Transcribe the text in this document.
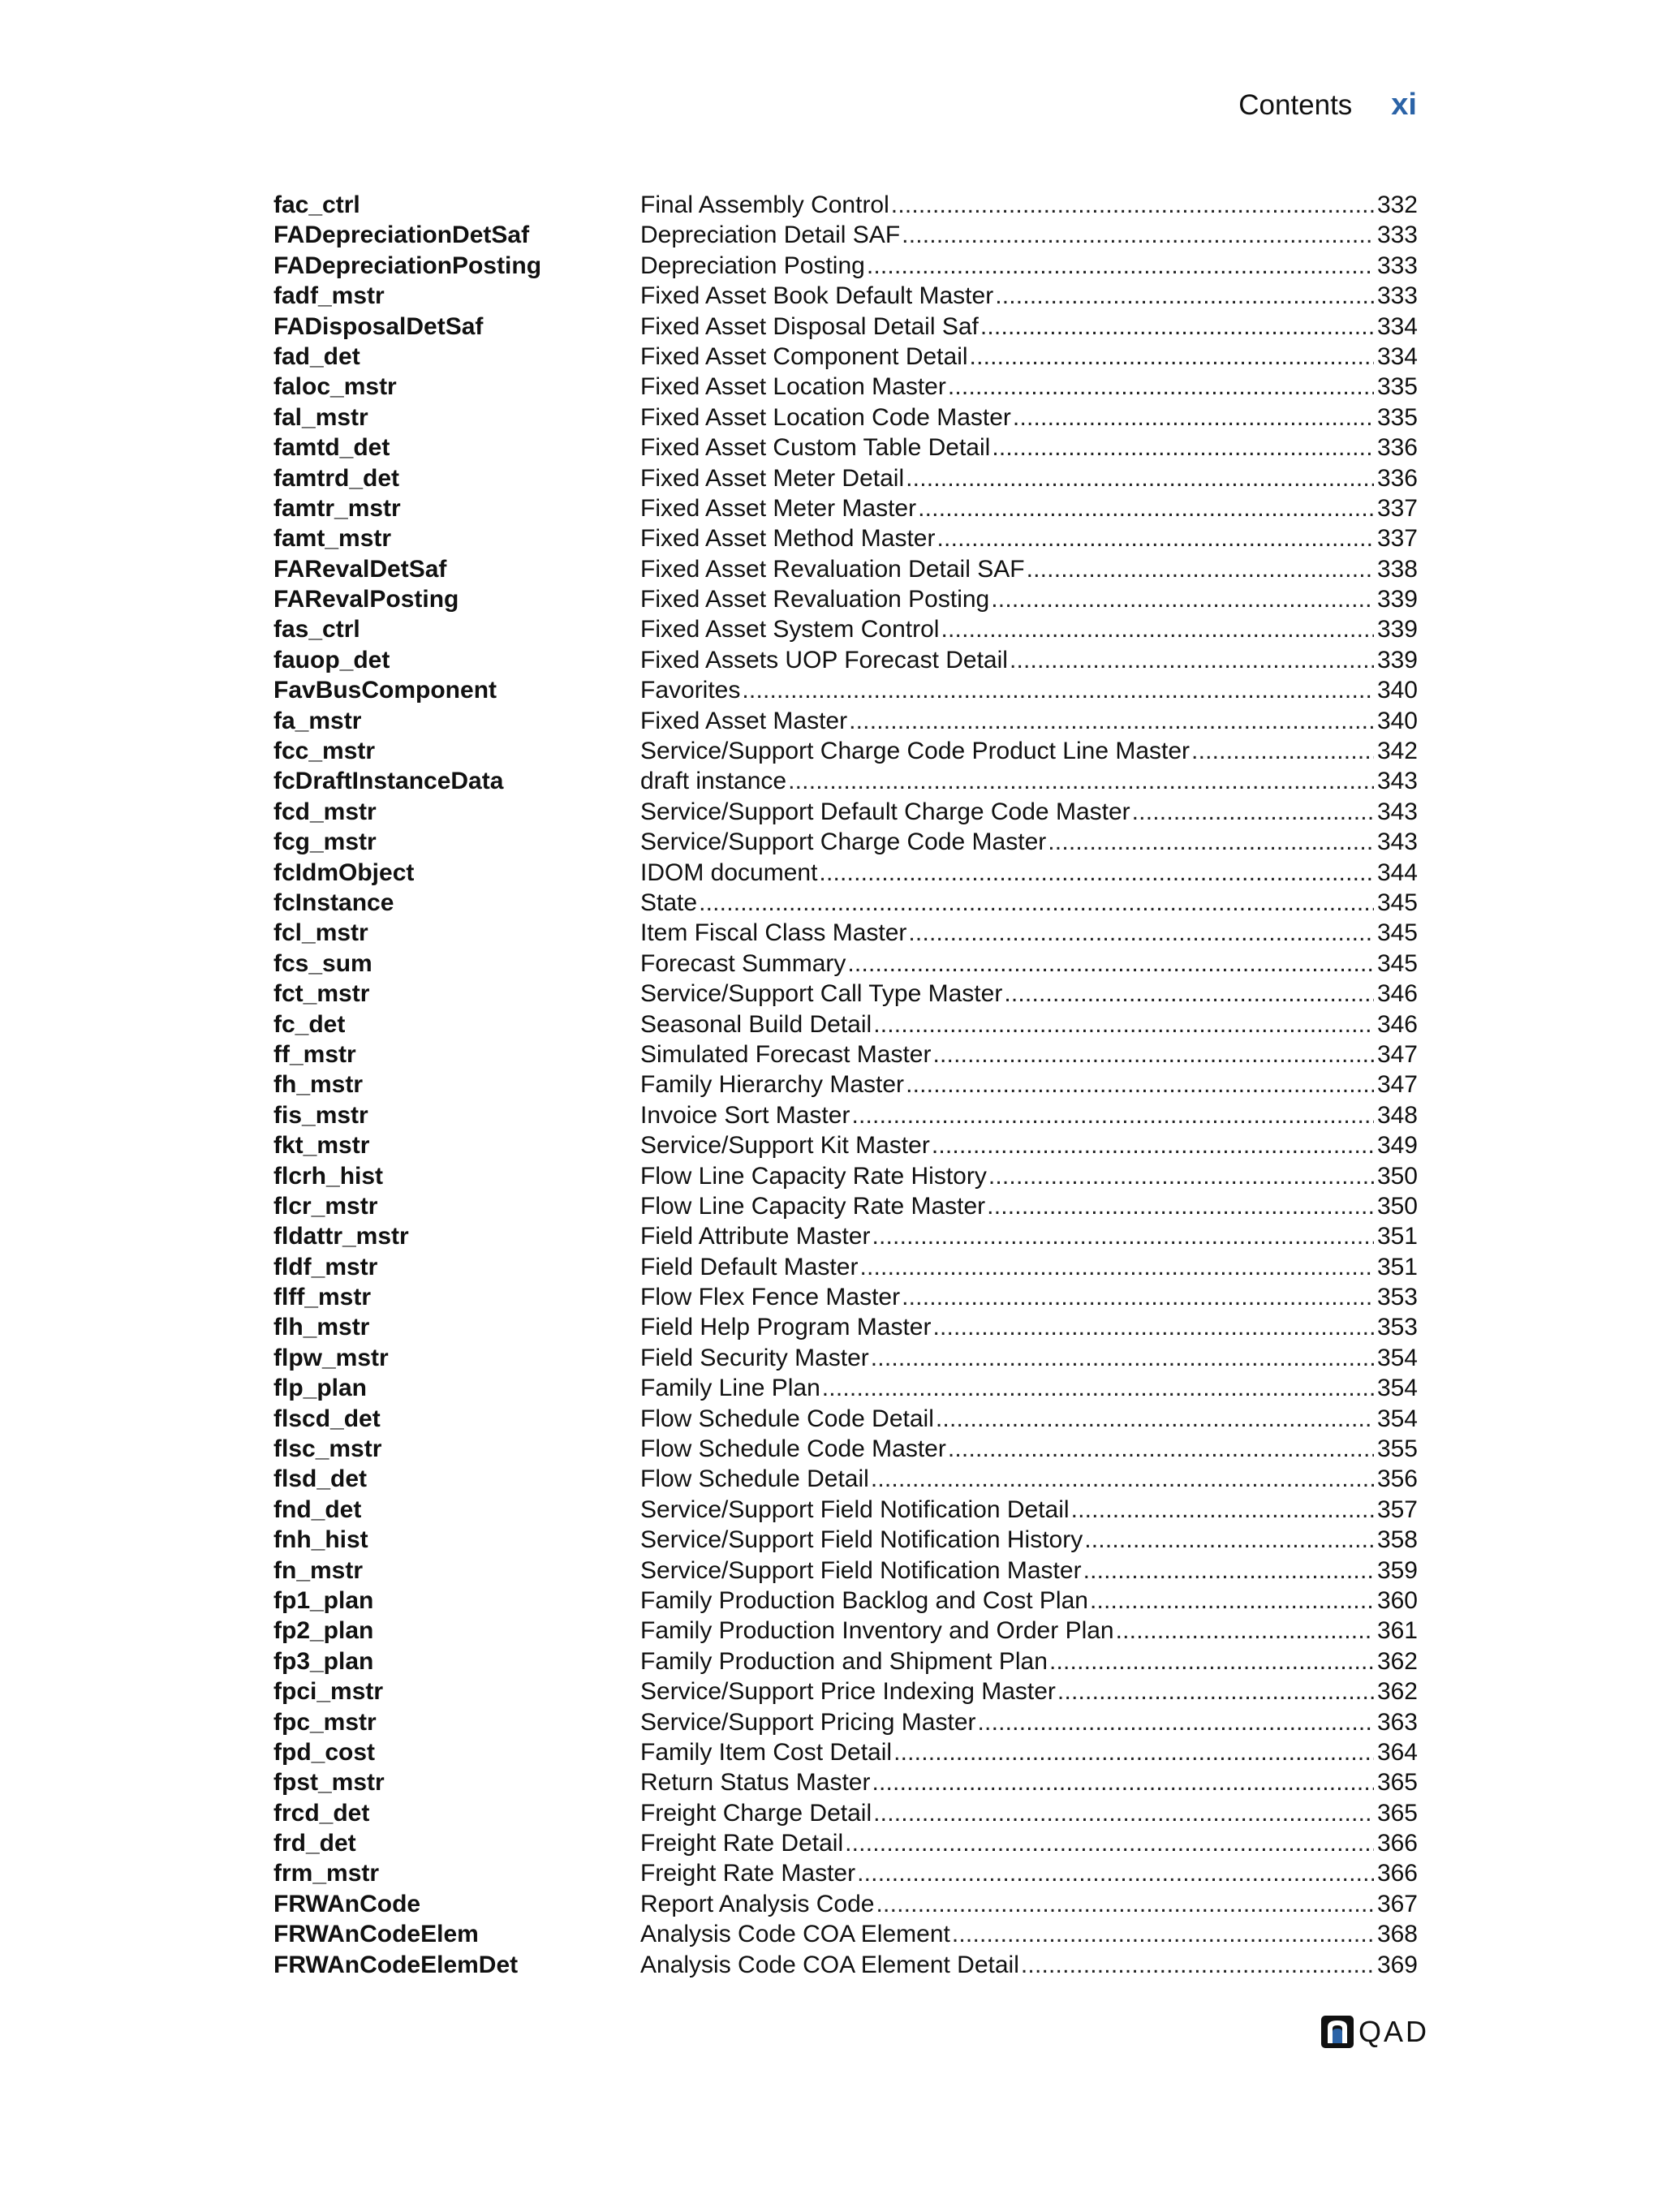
Contents xi
fac_ctrl	Final Assembly Control .....	332
FADepreciationDetSaf	Depreciation Detail SAF .....	333
FADepreciationPosting	Depreciation Posting .....	333
fadf_mstr	Fixed Asset Book Default Master .....	333
FADisposalDetSaf	Fixed Asset Disposal Detail Saf .....	334
fad_det	Fixed Asset Component Detail .....	334
faloc_mstr	Fixed Asset Location Master .....	335
fal_mstr	Fixed Asset Location Code Master .....	335
famtd_det	Fixed Asset Custom Table Detail .....	336
famtrd_det	Fixed Asset Meter Detail .....	336
famtr_mstr	Fixed Asset Meter Master .....	337
famt_mstr	Fixed Asset Method Master .....	337
FARevalDetSaf	Fixed Asset Revaluation Detail SAF .....	338
FARevalPosting	Fixed Asset Revaluation Posting .....	339
fas_ctrl	Fixed Asset System Control .....	339
fauop_det	Fixed Assets UOP Forecast Detail .....	339
FavBusComponent	Favorites .....	340
fa_mstr	Fixed Asset Master .....	340
fcc_mstr	Service/Support Charge Code Product Line Master .....	342
fcDraftInstanceData	draft instance .....	343
fcd_mstr	Service/Support Default Charge Code Master .....	343
fcg_mstr	Service/Support Charge Code Master .....	343
fcIdmObject	IDOM document .....	344
fcInstance	State .....	345
fcl_mstr	Item Fiscal Class Master .....	345
fcs_sum	Forecast Summary .....	345
fct_mstr	Service/Support Call Type Master .....	346
fc_det	Seasonal Build Detail .....	346
ff_mstr	Simulated Forecast Master .....	347
fh_mstr	Family Hierarchy Master .....	347
fis_mstr	Invoice Sort Master .....	348
fkt_mstr	Service/Support Kit Master .....	349
flcrh_hist	Flow Line Capacity Rate History .....	350
flcr_mstr	Flow Line Capacity Rate Master .....	350
fldattr_mstr	Field Attribute Master .....	351
fldf_mstr	Field Default Master .....	351
flff_mstr	Flow Flex Fence Master .....	353
flh_mstr	Field Help Program Master .....	353
flpw_mstr	Field Security Master .....	354
flp_plan	Family Line Plan .....	354
flscd_det	Flow Schedule Code Detail .....	354
flsc_mstr	Flow Schedule Code Master .....	355
flsd_det	Flow Schedule Detail .....	356
fnd_det	Service/Support Field Notification Detail .....	357
fnh_hist	Service/Support Field Notification History .....	358
fn_mstr	Service/Support Field Notification Master .....	359
fp1_plan	Family Production Backlog and Cost Plan .....	360
fp2_plan	Family Production Inventory and Order Plan .....	361
fp3_plan	Family Production and Shipment Plan .....	362
fpci_mstr	Service/Support Price Indexing Master .....	362
fpc_mstr	Service/Support Pricing Master .....	363
fpd_cost	Family Item Cost Detail .....	364
fpst_mstr	Return Status Master .....	365
frcd_det	Freight Charge Detail .....	365
frd_det	Freight Rate Detail .....	366
frm_mstr	Freight Rate Master .....	366
FRWAnCode	Report Analysis Code .....	367
FRWAnCodeElem	Analysis Code COA Element .....	368
FRWAnCodeElemDet	Analysis Code COA Element Detail .....	369
QAD
